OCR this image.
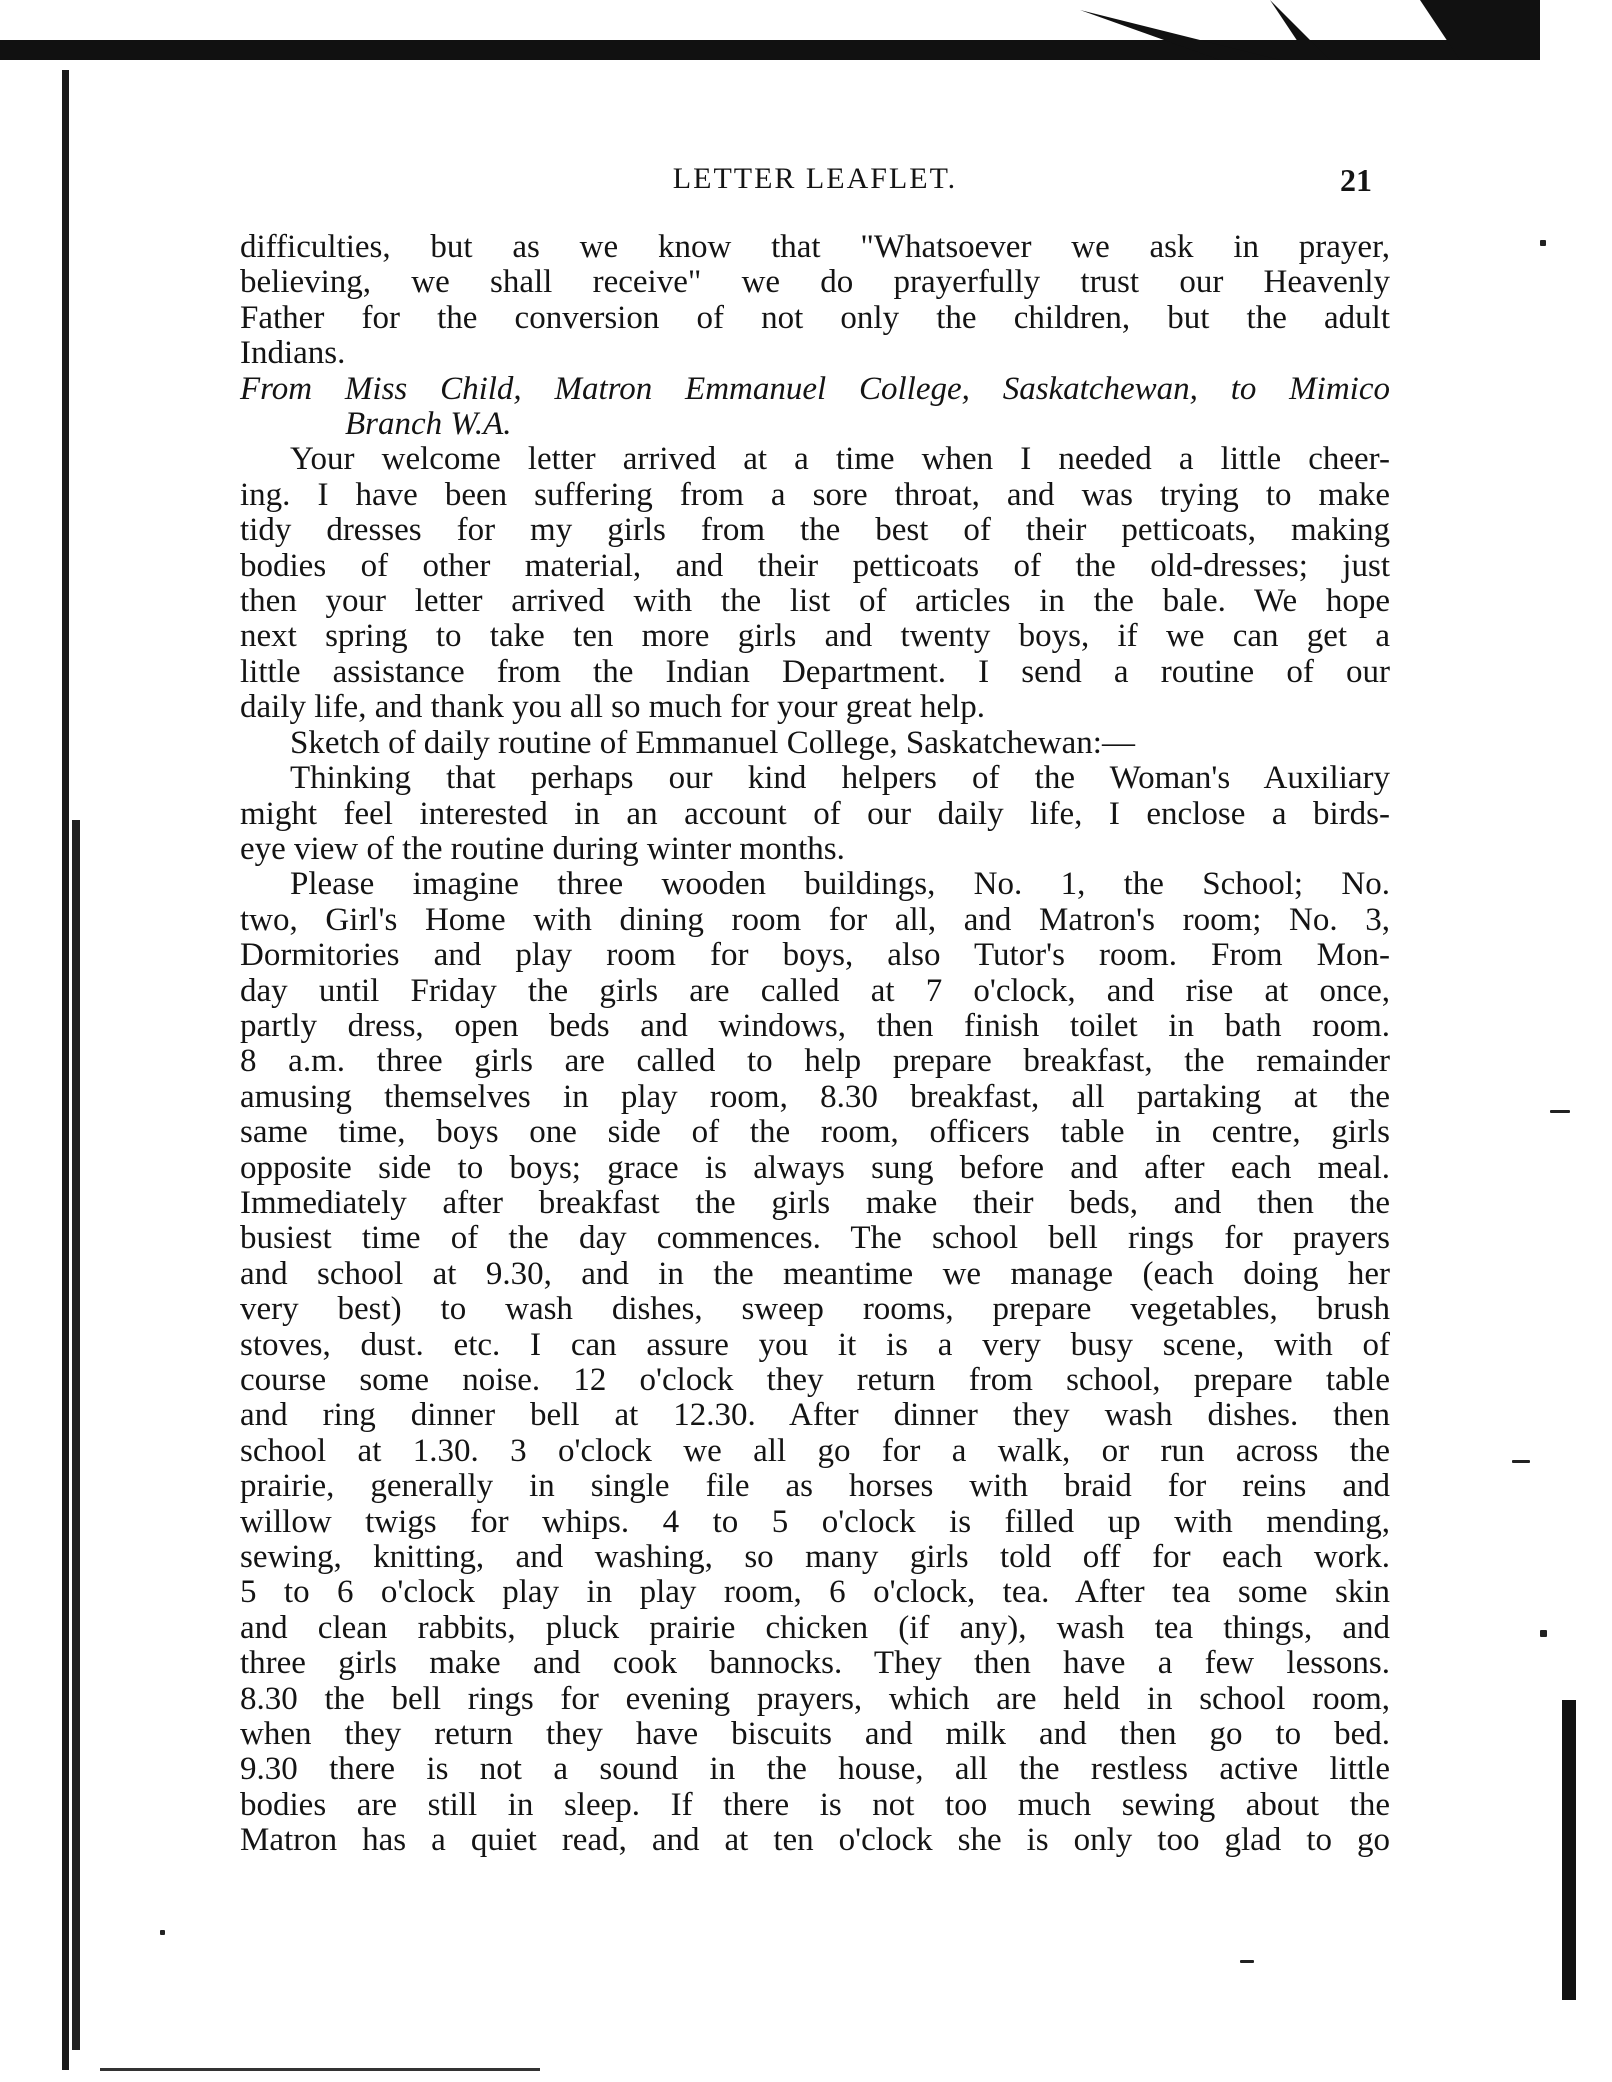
LETTER LEAFLET.	21

difficulties, but as we know that "Whatsoever we ask in prayer,

believing, we shall receive" we do prayerfully trust our Heavenly

Father for the conversion of not only the children, but the adult

Indians.

From Miss Child, Matron Emmanuel College, Saskatchewan, to Mimico

Branch W.A.

Your welcome letter arrived at a time when I needed a little cheer-

ing. I have been suffering from a sore throat, and was trying to make

tidy dresses for my girls from the best of their petticoats, making

bodies of other material, and their petticoats of the old-dresses; just

then your letter arrived with the list of articles in the bale. We hope

next spring to take ten more girls and twenty boys, if we can get a

little assistance from the Indian Department. I send a routine of our

daily life, and thank you all so much for your great help.

Sketch of daily routine of Emmanuel College, Saskatchewan:—

Thinking that perhaps our kind helpers of the Woman's Auxiliary

might feel interested in an account of our daily life, I enclose a birds-

eye view of the routine during winter months.

Please imagine three wooden buildings, No. 1, the School; No.

two, Girl's Home with dining room for all, and Matron's room; No. 3,

Dormitories and play room for boys, also Tutor's room. From Mon-

day until Friday the girls are called at 7 o'clock, and rise at once,

partly dress, open beds and windows, then finish toilet in bath room.

8 a.m. three girls are called to help prepare breakfast, the remainder

amusing themselves in play room, 8.30 breakfast, all partaking at the

same time, boys one side of the room, officers table in centre, girls

opposite side to boys; grace is always sung before and after each meal.

Immediately after breakfast the girls make their beds, and then the

busiest time of the day commences. The school bell rings for prayers

and school at 9.30, and in the meantime we manage (each doing her

very best) to wash dishes, sweep rooms, prepare vegetables, brush

stoves, dust. etc. I can assure you it is a very busy scene, with of

course some noise. 12 o'clock they return from school, prepare table

and ring dinner bell at 12.30. After dinner they wash dishes. then

school at 1.30. 3 o'clock we all go for a walk, or run across the

prairie, generally in single file as horses with braid for reins and

willow twigs for whips. 4 to 5 o'clock is filled up with mending,

sewing, knitting, and washing, so many girls told off for each work.

5 to 6 o'clock play in play room, 6 o'clock, tea. After tea some skin

and clean rabbits, pluck prairie chicken (if any), wash tea things, and

three girls make and cook bannocks. They then have a few lessons.

8.30 the bell rings for evening prayers, which are held in school room,

when they return they have biscuits and milk and then go to bed.

9.30 there is not a sound in the house, all the restless active little

bodies are still in sleep. If there is not too much sewing about the

Matron has a quiet read, and at ten o'clock she is only too glad to go
